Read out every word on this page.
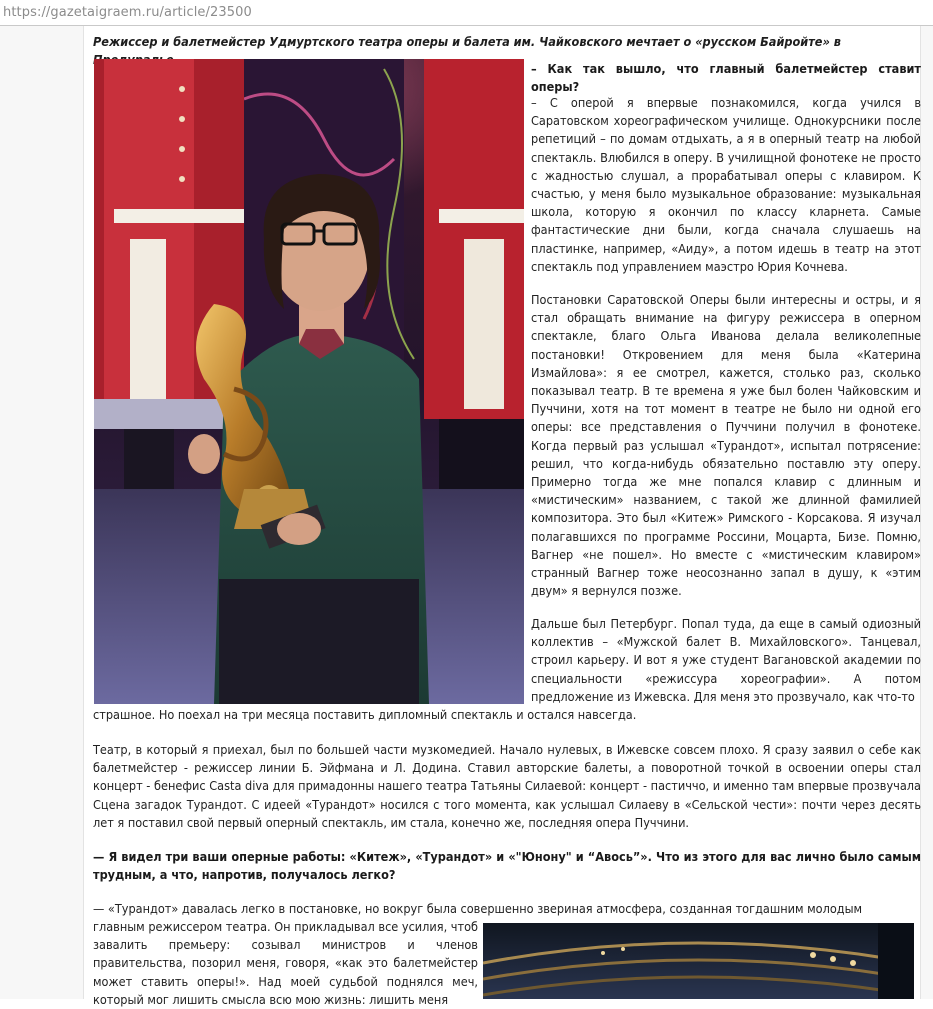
https://gazetaigraem.ru/article/23500

Режиссер и балетмейстер Удмуртского театра оперы и балета им. Чайковского мечтает о «русском Байройте» в

– Как так вышло, что главный балетмейстер ставит оперы?

– С оперой я впервые познакомился, когда учился в Саратовском хореографическом училище. Однокурсники после репетиций – по домам отдыхать, а я в оперный театр на любой спектакль. Влюбился в оперу. В училищной фонотеке не просто с жадностью слушал, а прорабатывал оперы с клавиром. К счастью, у меня было музыкальное образование: музыкальная школа, которую я окончил по классу кларнета. Самые фантастические дни были, когда сначала слушаешь на пластинке, например, «Аиду», а потом идешь в театр на этот спектакль под управлением маэстро Юрия Кочнева.

Постановки Саратовской Оперы были интересны и остры, и я стал обращать внимание на фигуру режиссера в оперном спектакле, благо Ольга Иванова делала великолепные постановки! Откровением для меня была «Катерина Измайлова»: я ее смотрел, кажется, столько раз, сколько показывал театр. В те времена я уже был болен Чайковским и Пуччини, хотя на тот момент в театре не было ни одной его оперы: все представления о Пуччини получил в фонотеке. Когда первый раз услышал «Турандот», испытал потрясение: решил, что когда-нибудь обязательно поставлю эту оперу. Примерно тогда же мне попался клавир с длинным и «мистическим» названием, с такой же длинной фамилией композитора. Это был «Китеж» Римского - Корсакова. Я изучал полагавшихся по программе Россини, Моцарта, Бизе. Помню, Вагнер «не пошел». Но вместе с «мистическим клавиром» странный Вагнер тоже неосознанно запал в душу, к «этим двум» я вернулся позже.

Дальше был Петербург. Попал туда, да еще в самый одиозный коллектив – «Мужской балет В. Михайловского». Танцевал, строил карьеру. И вот я уже студент Вагановской академии по специальности «режиссура хореографии». А потом предложение из Ижевска. Для меня это прозвучало, как что-то

страшное. Но поехал на три месяца поставить дипломный спектакль и остался навсегда.

Театр, в который я приехал, был по большей части музкомедией. Начало нулевых, в Ижевске совсем плохо. Я сразу заявил о себе как балетмейстер - режиссер линии Б. Эйфмана и Л. Додина. Ставил авторские балеты, а поворотной точкой в освоении оперы стал концерт - бенефис Casta diva для примадонны нашего театра Татьяны Силаевой: концерт - пастиччо, и именно там впервые прозвучала Сцена загадок Турандот. С идеей «Турандот» носился с того момента, как услышал Силаеву в «Сельской чести»: почти через десять лет я поставил свой первый оперный спектакль, им стала, конечно же, последняя опера Пуччини.

— Я видел три ваши оперные работы: «Китеж», «Турандот» и «"Юнону" и “Авось”». Что из этого для вас лично было самым трудным, а что, напротив, получалось легко?

— «Турандот» давалась легко в постановке, но вокруг была совершенно звериная атмосфера, созданная тогдашним молодым

главным режиссером театра. Он прикладывал все усилия, чтоб завалить премьеру: созывал министров и членов правительства, позорил меня, говоря, «как это балетмейстер может ставить оперы!». Над моей судьбой поднялся меч, который мог лишить смысла всю мою жизнь: лишить меня
